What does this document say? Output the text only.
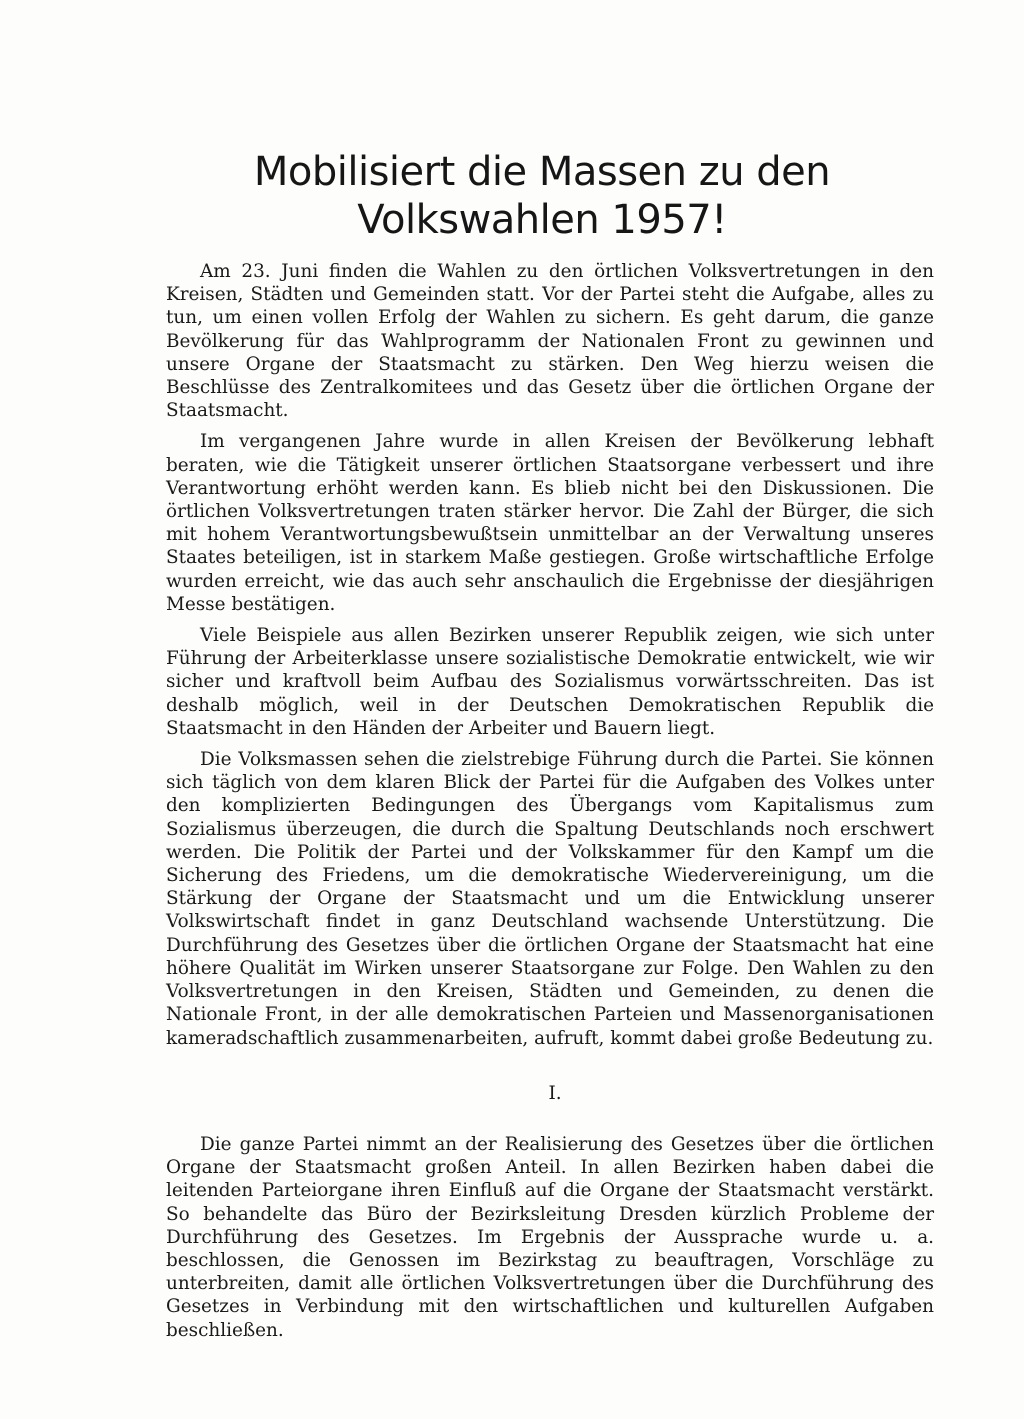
Mobilisiert die Massen zu den
Volkswahlen 1957!

Am 23. Juni finden die Wahlen zu den örtlichen Volksvertretungen in den Kreisen, Städten und Gemeinden statt. Vor der Partei steht die Aufgabe, alles zu tun, um einen vollen Erfolg der Wahlen zu sichern. Es geht darum, die ganze Bevölkerung für das Wahlprogramm der Nationalen Front zu gewinnen und unsere Organe der Staatsmacht zu stärken. Den Weg hierzu weisen die Beschlüsse des Zentralkomitees und das Gesetz über die örtlichen Organe der Staatsmacht.

Im vergangenen Jahre wurde in allen Kreisen der Bevölkerung lebhaft beraten, wie die Tätigkeit unserer örtlichen Staatsorgane verbessert und ihre Verantwortung erhöht werden kann. Es blieb nicht bei den Diskussionen. Die örtlichen Volksvertretungen traten stärker hervor. Die Zahl der Bürger, die sich mit hohem Verantwortungsbewußtsein unmittelbar an der Verwaltung unseres Staates beteiligen, ist in starkem Maße gestiegen. Große wirtschaftliche Erfolge wurden erreicht, wie das auch sehr anschaulich die Ergebnisse der diesjährigen Messe bestätigen.

Viele Beispiele aus allen Bezirken unserer Republik zeigen, wie sich unter Führung der Arbeiterklasse unsere sozialistische Demokratie entwickelt, wie wir sicher und kraftvoll beim Aufbau des Sozialismus vorwärtsschreiten. Das ist deshalb möglich, weil in der Deutschen Demokratischen Republik die Staatsmacht in den Händen der Arbeiter und Bauern liegt.

Die Volksmassen sehen die zielstrebige Führung durch die Partei. Sie können sich täglich von dem klaren Blick der Partei für die Aufgaben des Volkes unter den komplizierten Bedingungen des Übergangs vom Kapitalismus zum Sozialismus überzeugen, die durch die Spaltung Deutschlands noch erschwert werden. Die Politik der Partei und der Volkskammer für den Kampf um die Sicherung des Friedens, um die demokratische Wiedervereinigung, um die Stärkung der Organe der Staatsmacht und um die Entwicklung unserer Volkswirtschaft findet in ganz Deutschland wachsende Unterstützung. Die Durchführung des Gesetzes über die örtlichen Organe der Staatsmacht hat eine höhere Qualität im Wirken unserer Staatsorgane zur Folge. Den Wahlen zu den Volksvertretungen in den Kreisen, Städten und Gemeinden, zu denen die Nationale Front, in der alle demokratischen Parteien und Massenorganisationen kameradschaftlich zusammenarbeiten, aufruft, kommt dabei große Bedeutung zu.

I.

Die ganze Partei nimmt an der Realisierung des Gesetzes über die örtlichen Organe der Staatsmacht großen Anteil. In allen Bezirken haben dabei die leitenden Parteiorgane ihren Einfluß auf die Organe der Staatsmacht verstärkt. So behandelte das Büro der Bezirksleitung Dresden kürzlich Probleme der Durchführung des Gesetzes. Im Ergebnis der Aussprache wurde u. a. beschlossen, die Genossen im Bezirkstag zu beauftragen, Vorschläge zu unterbreiten, damit alle örtlichen Volksvertretungen über die Durchführung des Gesetzes in Verbindung mit den wirtschaftlichen und kulturellen Aufgaben beschließen.
